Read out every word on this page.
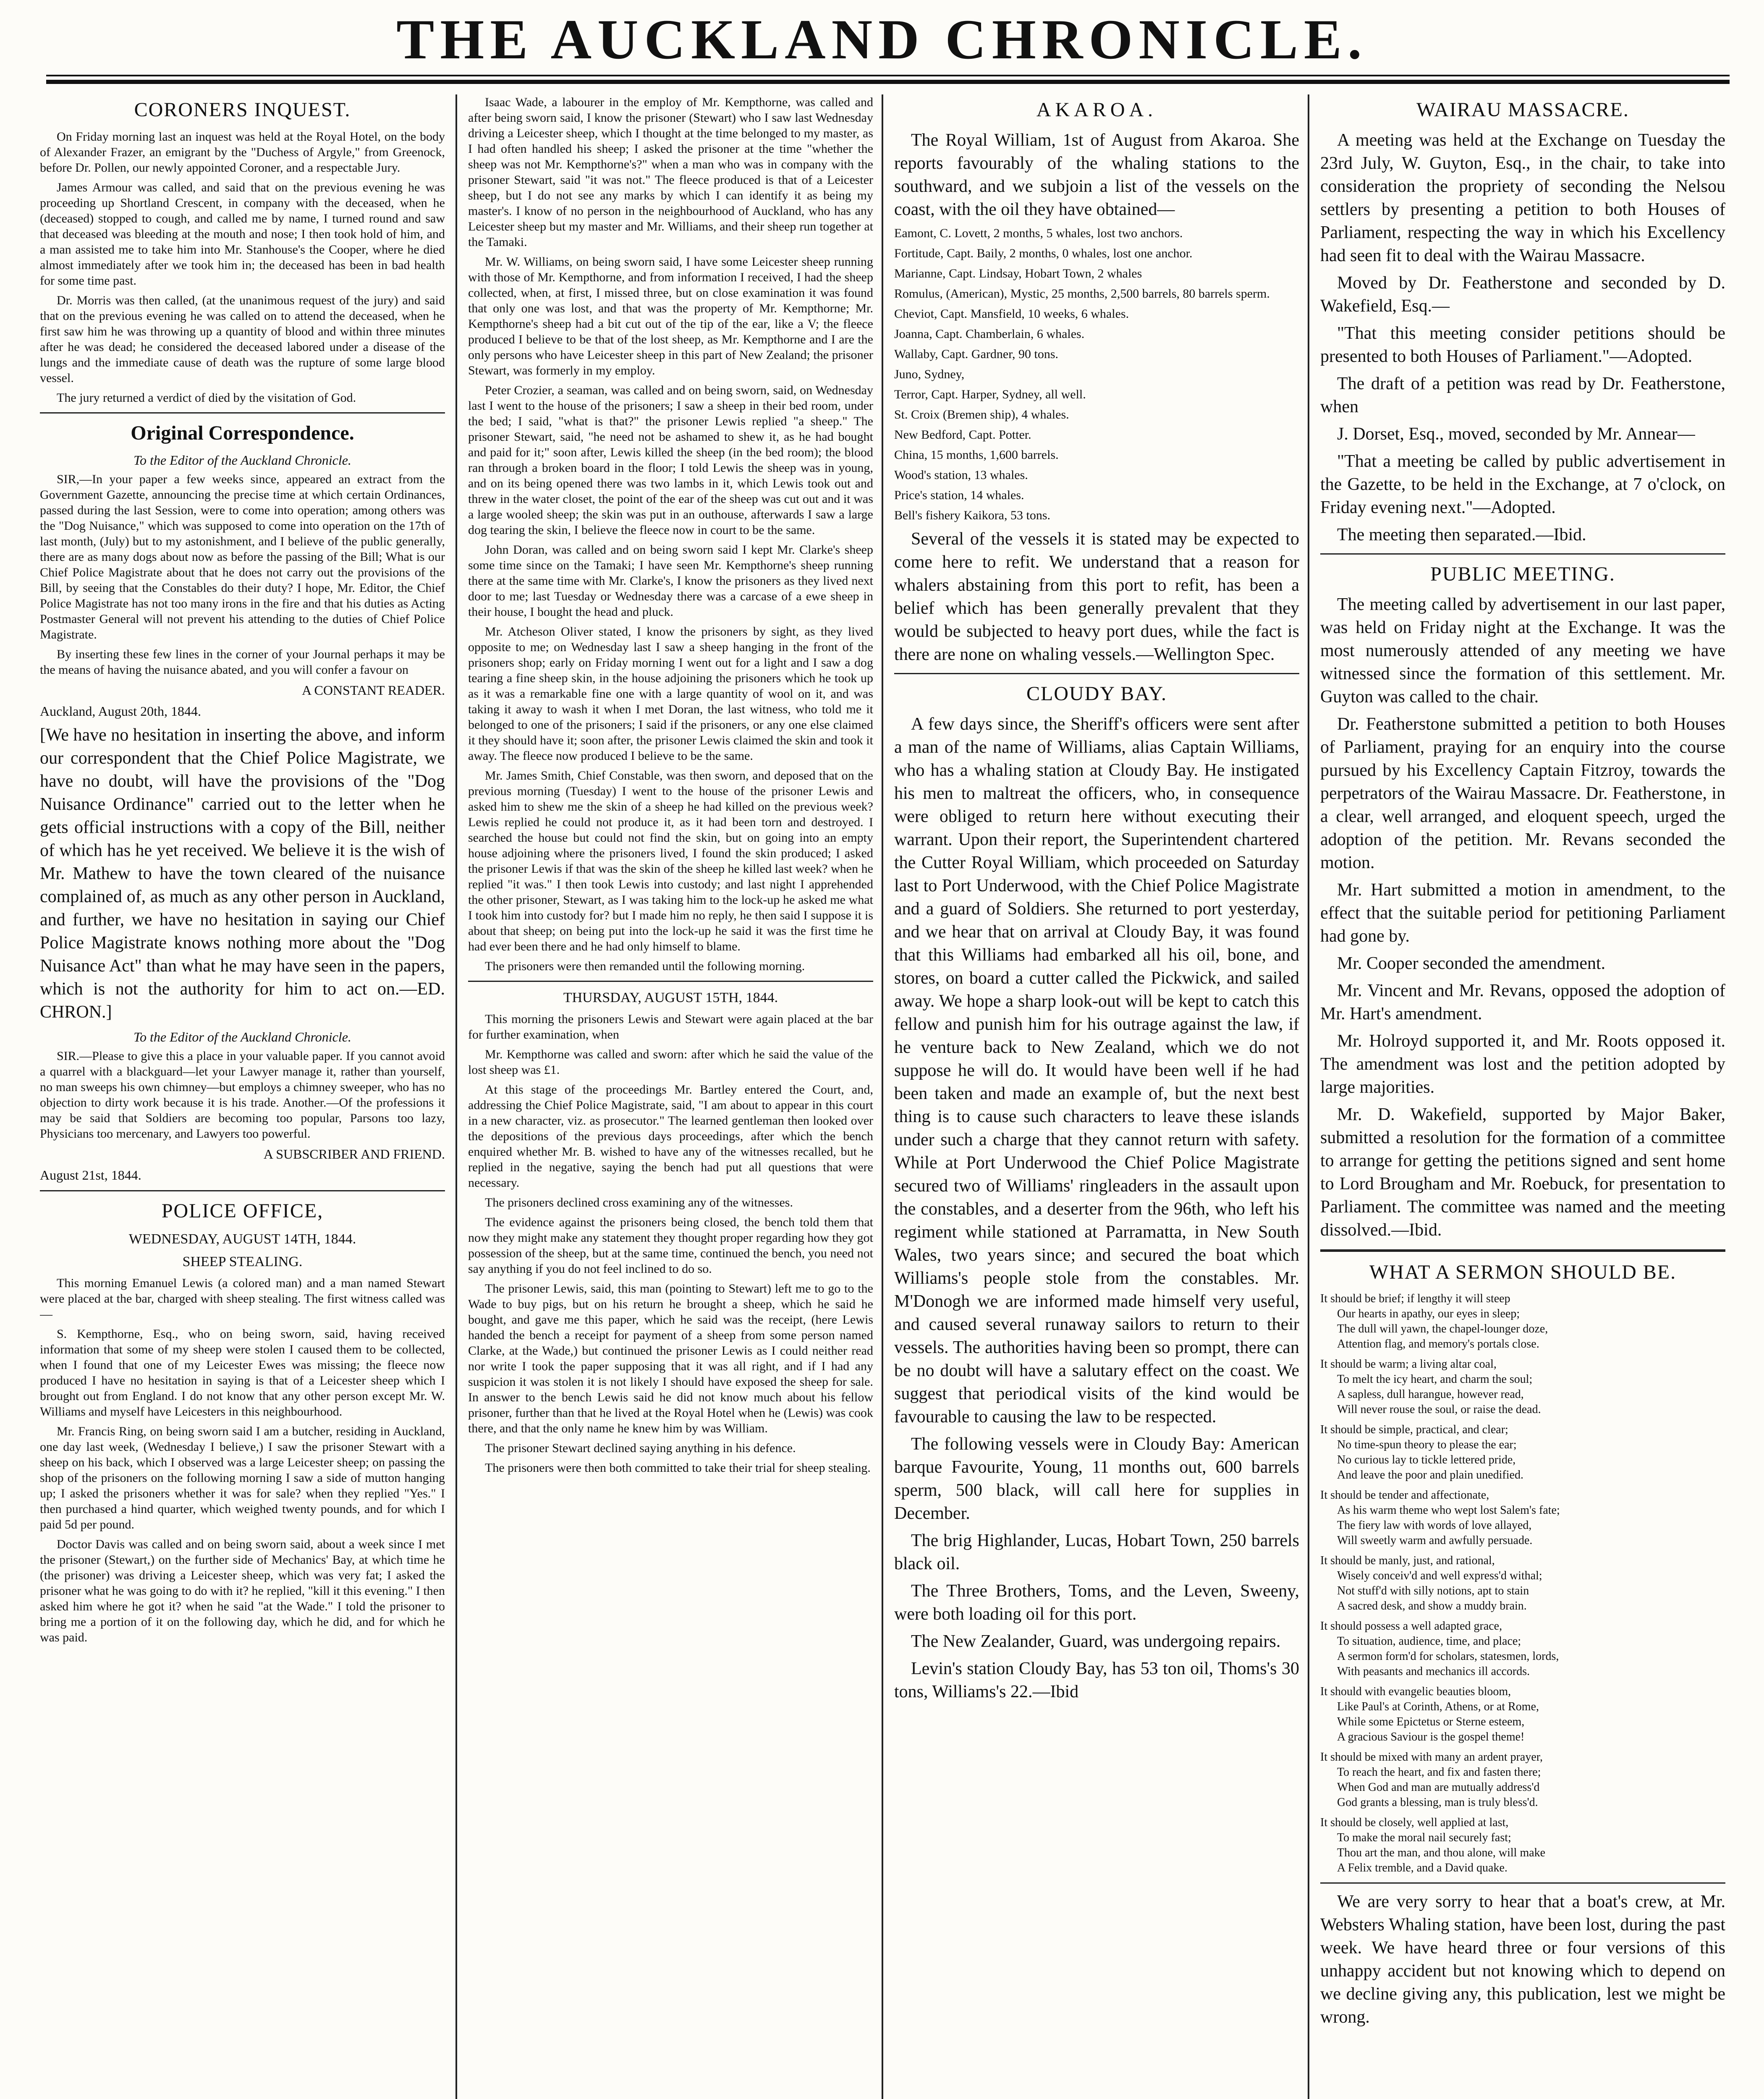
THE AUCKLAND CHRONICLE.
CORONERS INQUEST.

On Friday morning last an inquest was held at the Royal Hotel, on the body of Alexander Frazer, an emigrant by the "Duchess of Argyle," from Greenock, before Dr. Pollen, our newly appointed Coroner, and a respectable Jury.

James Armour was called, and said that on the previous evening he was proceeding up Shortland Crescent, in company with the deceased, when he (deceased) stopped to cough, and called me by name, I turned round and saw that deceased was bleeding at the mouth and nose; I then took hold of him, and a man assisted me to take him into Mr. Stanhouse's the Cooper, where he died almost immediately after we took him in; the deceased has been in bad health for some time past.

Dr. Morris was then called, (at the unanimous request of the jury) and said that on the previous evening he was called on to attend the deceased, when he first saw him he was throwing up a quantity of blood and within three minutes after he was dead; he considered the deceased labored under a disease of the lungs and the immediate cause of death was the rupture of some large blood vessel.

The jury returned a verdict of died by the visitation of God.

Original Correspondence.
To the Editor of the Auckland Chronicle.

SIR,—In your paper a few weeks since, appeared an extract from the Government Gazette, announcing the precise time at which certain Ordinances, passed during the last Session, were to come into operation; among others was the "Dog Nuisance," which was supposed to come into operation on the 17th of last month, (July) but to my astonishment, and I believe of the public generally, there are as many dogs about now as before the passing of the Bill; What is our Chief Police Magistrate about that he does not carry out the provisions of the Bill, by seeing that the Constables do their duty? I hope, Mr. Editor, the Chief Police Magistrate has not too many irons in the fire and that his duties as Acting Postmaster General will not prevent his attending to the duties of Chief Police Magistrate.

By inserting these few lines in the corner of your Journal perhaps it may be the means of having the nuisance abated, and you will confer a favour on

A CONSTANT READER.
Auckland, August 20th, 1844.

[We have no hesitation in inserting the above, and inform our correspondent that the Chief Police Magistrate, we have no doubt, will have the provisions of the "Dog Nuisance Ordinance" carried out to the letter when he gets official instructions with a copy of the Bill, neither of which has he yet received. We believe it is the wish of Mr. Mathew to have the town cleared of the nuisance complained of, as much as any other person in Auckland, and further, we have no hesitation in saying our Chief Police Magistrate knows nothing more about the "Dog Nuisance Act" than what he may have seen in the papers, which is not the authority for him to act on.—ED. CHRON.]

To the Editor of the Auckland Chronicle.

SIR.—Please to give this a place in your valuable paper. If you cannot avoid a quarrel with a blackguard—let your Lawyer manage it, rather than yourself, no man sweeps his own chimney—but employs a chimney sweeper, who has no objection to dirty work because it is his trade. Another.—Of the professions it may be said that Soldiers are becoming too popular, Parsons too lazy, Physicians too mercenary, and Lawyers too powerful.

A SUBSCRIBER AND FRIEND.
August 21st, 1844.
POLICE OFFICE,
WEDNESDAY, AUGUST 14TH, 1844.
SHEEP STEALING.

This morning Emanuel Lewis (a colored man) and a man named Stewart were placed at the bar, charged with sheep stealing. The first witness called was—

S. Kempthorne, Esq., who on being sworn, said, having received information that some of my sheep were stolen I caused them to be collected, when I found that one of my Leicester Ewes was missing; the fleece now produced I have no hesitation in saying is that of a Leicester sheep which I brought out from England. I do not know that any other person except Mr. W. Williams and myself have Leicesters in this neighbourhood.

Mr. Francis Ring, on being sworn said I am a butcher, residing in Auckland, one day last week, (Wednesday I believe,) I saw the prisoner Stewart with a sheep on his back, which I observed was a large Leicester sheep; on passing the shop of the prisoners on the following morning I saw a side of mutton hanging up; I asked the prisoners whether it was for sale? when they replied "Yes." I then purchased a hind quarter, which weighed twenty pounds, and for which I paid 5d per pound.

Doctor Davis was called and on being sworn said, about a week since I met the prisoner (Stewart,) on the further side of Mechanics' Bay, at which time he (the prisoner) was driving a Leicester sheep, which was very fat; I asked the prisoner what he was going to do with it? he replied, "kill it this evening." I then asked him where he got it? when he said "at the Wade." I told the prisoner to bring me a portion of it on the following day, which he did, and for which he was paid.

Isaac Wade, a labourer in the employ of Mr. Kempthorne, was called and after being sworn said, I know the prisoner (Stewart) who I saw last Wednesday driving a Leicester sheep, which I thought at the time belonged to my master, as I had often handled his sheep; I asked the prisoner at the time "whether the sheep was not Mr. Kempthorne's?" when a man who was in company with the prisoner Stewart, said "it was not." The fleece produced is that of a Leicester sheep, but I do not see any marks by which I can identify it as being my master's. I know of no person in the neighbourhood of Auckland, who has any Leicester sheep but my master and Mr. Williams, and their sheep run together at the Tamaki.

Mr. W. Williams, on being sworn said, I have some Leicester sheep running with those of Mr. Kempthorne, and from information I received, I had the sheep collected, when, at first, I missed three, but on close examination it was found that only one was lost, and that was the property of Mr. Kempthorne; Mr. Kempthorne's sheep had a bit cut out of the tip of the ear, like a V; the fleece produced I believe to be that of the lost sheep, as Mr. Kempthorne and I are the only persons who have Leicester sheep in this part of New Zealand; the prisoner Stewart, was formerly in my employ.

Peter Crozier, a seaman, was called and on being sworn, said, on Wednesday last I went to the house of the prisoners; I saw a sheep in their bed room, under the bed; I said, "what is that?" the prisoner Lewis replied "a sheep." The prisoner Stewart, said, "he need not be ashamed to shew it, as he had bought and paid for it;" soon after, Lewis killed the sheep (in the bed room); the blood ran through a broken board in the floor; I told Lewis the sheep was in young, and on its being opened there was two lambs in it, which Lewis took out and threw in the water closet, the point of the ear of the sheep was cut out and it was a large wooled sheep; the skin was put in an outhouse, afterwards I saw a large dog tearing the skin, I believe the fleece now in court to be the same.

John Doran, was called and on being sworn said I kept Mr. Clarke's sheep some time since on the Tamaki; I have seen Mr. Kempthorne's sheep running there at the same time with Mr. Clarke's, I know the prisoners as they lived next door to me; last Tuesday or Wednesday there was a carcase of a ewe sheep in their house, I bought the head and pluck.

Mr. Atcheson Oliver stated, I know the prisoners by sight, as they lived opposite to me; on Wednesday last I saw a sheep hanging in the front of the prisoners shop; early on Friday morning I went out for a light and I saw a dog tearing a fine sheep skin, in the house adjoining the prisoners which he took up as it was a remarkable fine one with a large quantity of wool on it, and was taking it away to wash it when I met Doran, the last witness, who told me it belonged to one of the prisoners; I said if the prisoners, or any one else claimed it they should have it; soon after, the prisoner Lewis claimed the skin and took it away. The fleece now produced I believe to be the same.

Mr. James Smith, Chief Constable, was then sworn, and deposed that on the previous morning (Tuesday) I went to the house of the prisoner Lewis and asked him to shew me the skin of a sheep he had killed on the previous week? Lewis replied he could not produce it, as it had been torn and destroyed. I searched the house but could not find the skin, but on going into an empty house adjoining where the prisoners lived, I found the skin produced; I asked the prisoner Lewis if that was the skin of the sheep he killed last week? when he replied "it was." I then took Lewis into custody; and last night I apprehended the other prisoner, Stewart, as I was taking him to the lock-up he asked me what I took him into custody for? but I made him no reply, he then said I suppose it is about that sheep; on being put into the lock-up he said it was the first time he had ever been there and he had only himself to blame.

The prisoners were then remanded until the following morning.

THURSDAY, AUGUST 15TH, 1844.

This morning the prisoners Lewis and Stewart were again placed at the bar for further examination, when

Mr. Kempthorne was called and sworn: after which he said the value of the lost sheep was £1.

At this stage of the proceedings Mr. Bartley entered the Court, and, addressing the Chief Police Magistrate, said, "I am about to appear in this court in a new character, viz. as prosecutor." The learned gentleman then looked over the depositions of the previous days proceedings, after which the bench enquired whether Mr. B. wished to have any of the witnesses recalled, but he replied in the negative, saying the bench had put all questions that were necessary.

The prisoners declined cross examining any of the witnesses.

The evidence against the prisoners being closed, the bench told them that now they might make any statement they thought proper regarding how they got possession of the sheep, but at the same time, continued the bench, you need not say anything if you do not feel inclined to do so.

The prisoner Lewis, said, this man (pointing to Stewart) left me to go to the Wade to buy pigs, but on his return he brought a sheep, which he said he bought, and gave me this paper, which he said was the receipt, (here Lewis handed the bench a receipt for payment of a sheep from some person named Clarke, at the Wade,) but continued the prisoner Lewis as I could neither read nor write I took the paper supposing that it was all right, and if I had any suspicion it was stolen it is not likely I should have exposed the sheep for sale. In answer to the bench Lewis said he did not know much about his fellow prisoner, further than that he lived at the Royal Hotel when he (Lewis) was cook there, and that the only name he knew him by was William.

The prisoner Stewart declined saying anything in his defence.

The prisoners were then both committed to take their trial for sheep stealing.

AKAROA.

The Royal William, 1st of August from Akaroa. She reports favourably of the whaling stations to the southward, and we subjoin a list of the vessels on the coast, with the oil they have obtained—

Eamont, C. Lovett, 2 months, 5 whales, lost two anchors.

Fortitude, Capt. Baily, 2 months, 0 whales, lost one anchor.

Marianne, Capt. Lindsay, Hobart Town, 2 whales

Romulus, (American), Mystic, 25 months, 2,500 barrels, 80 barrels sperm.

Cheviot, Capt. Mansfield, 10 weeks, 6 whales.

Joanna, Capt. Chamberlain, 6 whales.

Wallaby, Capt. Gardner, 90 tons.

Juno, Sydney,

Terror, Capt. Harper, Sydney, all well.

St. Croix (Bremen ship), 4 whales.

New Bedford, Capt. Potter.

China, 15 months, 1,600 barrels.

Wood's station, 13 whales.

Price's station, 14 whales.

Bell's fishery Kaikora, 53 tons.

Several of the vessels it is stated may be expected to come here to refit. We understand that a reason for whalers abstaining from this port to refit, has been a belief which has been generally prevalent that they would be subjected to heavy port dues, while the fact is there are none on whaling vessels.—Wellington Spec.

CLOUDY BAY.

A few days since, the Sheriff's officers were sent after a man of the name of Williams, alias Captain Williams, who has a whaling station at Cloudy Bay. He instigated his men to maltreat the officers, who, in consequence were obliged to return here without executing their warrant. Upon their report, the Superintendent chartered the Cutter Royal William, which proceeded on Saturday last to Port Underwood, with the Chief Police Magistrate and a guard of Soldiers. She returned to port yesterday, and we hear that on arrival at Cloudy Bay, it was found that this Williams had embarked all his oil, bone, and stores, on board a cutter called the Pickwick, and sailed away. We hope a sharp look-out will be kept to catch this fellow and punish him for his outrage against the law, if he venture back to New Zealand, which we do not suppose he will do. It would have been well if he had been taken and made an example of, but the next best thing is to cause such characters to leave these islands under such a charge that they cannot return with safety. While at Port Underwood the Chief Police Magistrate secured two of Williams' ringleaders in the assault upon the constables, and a deserter from the 96th, who left his regiment while stationed at Parramatta, in New South Wales, two years since; and secured the boat which Williams's people stole from the constables. Mr. M'Donogh we are informed made himself very useful, and caused several runaway sailors to return to their vessels. The authorities having been so prompt, there can be no doubt will have a salutary effect on the coast. We suggest that periodical visits of the kind would be favourable to causing the law to be respected.

The following vessels were in Cloudy Bay: American barque Favourite, Young, 11 months out, 600 barrels sperm, 500 black, will call here for supplies in December.

The brig Highlander, Lucas, Hobart Town, 250 barrels black oil.

The Three Brothers, Toms, and the Leven, Sweeny, were both loading oil for this port.

The New Zealander, Guard, was undergoing repairs.

Levin's station Cloudy Bay, has 53 ton oil, Thoms's 30 tons, Williams's 22.—Ibid

WAIRAU MASSACRE.

A meeting was held at the Exchange on Tuesday the 23rd July, W. Guyton, Esq., in the chair, to take into consideration the propriety of seconding the Nelsou settlers by presenting a petition to both Houses of Parliament, respecting the way in which his Excellency had seen fit to deal with the Wairau Massacre.

Moved by Dr. Featherstone and seconded by D. Wakefield, Esq.—

"That this meeting consider petitions should be presented to both Houses of Parliament."—Adopted.

The draft of a petition was read by Dr. Featherstone, when

J. Dorset, Esq., moved, seconded by Mr. Annear—

"That a meeting be called by public advertisement in the Gazette, to be held in the Exchange, at 7 o'clock, on Friday evening next."—Adopted.

The meeting then separated.—Ibid.

PUBLIC MEETING.

The meeting called by advertisement in our last paper, was held on Friday night at the Exchange. It was the most numerously attended of any meeting we have witnessed since the formation of this settlement. Mr. Guyton was called to the chair.

Dr. Featherstone submitted a petition to both Houses of Parliament, praying for an enquiry into the course pursued by his Excellency Captain Fitzroy, towards the perpetrators of the Wairau Massacre. Dr. Featherstone, in a clear, well arranged, and eloquent speech, urged the adoption of the petition. Mr. Revans seconded the motion.

Mr. Hart submitted a motion in amendment, to the effect that the suitable period for petitioning Parliament had gone by.

Mr. Cooper seconded the amendment.

Mr. Vincent and Mr. Revans, opposed the adoption of Mr. Hart's amendment.

Mr. Holroyd supported it, and Mr. Roots opposed it. The amendment was lost and the petition adopted by large majorities.

Mr. D. Wakefield, supported by Major Baker, submitted a resolution for the formation of a committee to arrange for getting the petitions signed and sent home to Lord Brougham and Mr. Roebuck, for presentation to Parliament. The committee was named and the meeting dissolved.—Ibid.

WHAT A SERMON SHOULD BE.
It should be brief; if lengthy it will steep
Our hearts in apathy, our eyes in sleep;
The dull will yawn, the chapel-lounger doze,
Attention flag, and memory's portals close.
It should be warm; a living altar coal,
To melt the icy heart, and charm the soul;
A sapless, dull harangue, however read,
Will never rouse the soul, or raise the dead.
It should be simple, practical, and clear;
No time-spun theory to please the ear;
No curious lay to tickle lettered pride,
And leave the poor and plain unedified.
It should be tender and affectionate,
As his warm theme who wept lost Salem's fate;
The fiery law with words of love allayed,
Will sweetly warm and awfully persuade.
It should be manly, just, and rational,
Wisely conceiv'd and well express'd withal;
Not stuff'd with silly notions, apt to stain
A sacred desk, and show a muddy brain.
It should possess a well adapted grace,
To situation, audience, time, and place;
A sermon form'd for scholars, statesmen, lords,
With peasants and mechanics ill accords.
It should with evangelic beauties bloom,
Like Paul's at Corinth, Athens, or at Rome,
While some Epictetus or Sterne esteem,
A gracious Saviour is the gospel theme!
It should be mixed with many an ardent prayer,
To reach the heart, and fix and fasten there;
When God and man are mutually address'd
God grants a blessing, man is truly bless'd.
It should be closely, well applied at last,
To make the moral nail securely fast;
Thou art the man, and thou alone, will make
A Felix tremble, and a David quake.

We are very sorry to hear that a boat's crew, at Mr. Websters Whaling station, have been lost, during the past week. We have heard three or four versions of this unhappy accident but not knowing which to depend on we decline giving any, this publication, lest we might be wrong.
